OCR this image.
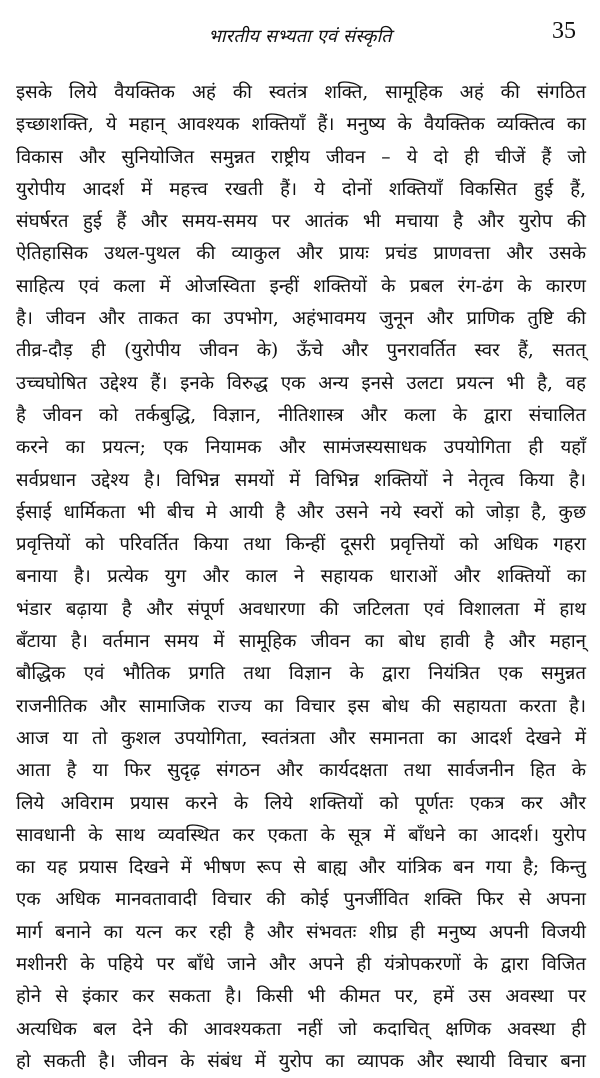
भारतीय सभ्यता एवं संस्कृति	35
इसके लिये वैयक्तिक अहं की स्वतंत्र शक्ति, सामूहिक अहं की संगठित
इच्छाशक्ति, ये महान् आवश्यक शक्तियाँ हैं। मनुष्य के वैयक्तिक व्यक्तित्व का
विकास और सुनियोजित समुन्नत राष्ट्रीय जीवन – ये दो ही चीजें हैं जो
युरोपीय आदर्श में महत्त्व रखती हैं। ये दोनों शक्तियाँ विकसित हुई हैं,
संघर्षरत हुई हैं और समय-समय पर आतंक भी मचाया है और युरोप की
ऐतिहासिक उथल-पुथल की व्याकुल और प्रायः प्रचंड प्राणवत्ता और उसके
साहित्य एवं कला में ओजस्विता इन्हीं शक्तियों के प्रबल रंग-ढंग के कारण
है। जीवन और ताकत का उपभोग, अहंभावमय जुनून और प्राणिक तुष्टि की
तीव्र-दौड़ ही (युरोपीय जीवन के) ऊँचे और पुनरावर्तित स्वर हैं, सतत्
उच्चघोषित उद्देश्य हैं। इनके विरुद्ध एक अन्य इनसे उलटा प्रयत्न भी है, वह
है जीवन को तर्कबुद्धि, विज्ञान, नीतिशास्त्र और कला के द्वारा संचालित
करने का प्रयत्न; एक नियामक और सामंजस्यसाधक उपयोगिता ही यहाँ
सर्वप्रधान उद्देश्य है। विभिन्न समयों में विभिन्न शक्तियों ने नेतृत्व किया है।
ईसाई धार्मिकता भी बीच मे आयी है और उसने नये स्वरों को जोड़ा है, कुछ
प्रवृत्तियों को परिवर्तित किया तथा किन्हीं दूसरी प्रवृत्तियों को अधिक गहरा
बनाया है। प्रत्येक युग और काल ने सहायक धाराओं और शक्तियों का
भंडार बढ़ाया है और संपूर्ण अवधारणा की जटिलता एवं विशालता में हाथ
बँटाया है। वर्तमान समय में सामूहिक जीवन का बोध हावी है और महान्
बौद्धिक एवं भौतिक प्रगति तथा विज्ञान के द्वारा नियंत्रित एक समुन्नत
राजनीतिक और सामाजिक राज्य का विचार इस बोध की सहायता करता है।
आज या तो कुशल उपयोगिता, स्वतंत्रता और समानता का आदर्श देखने में
आता है या फिर सुदृढ़ संगठन और कार्यदक्षता तथा सार्वजनीन हित के
लिये अविराम प्रयास करने के लिये शक्तियों को पूर्णतः एकत्र कर और
सावधानी के साथ व्यवस्थित कर एकता के सूत्र में बाँधने का आदर्श। युरोप
का यह प्रयास दिखने में भीषण रूप से बाह्य और यांत्रिक बन गया है; किन्तु
एक अधिक मानवतावादी विचार की कोई पुनर्जीवित शक्ति फिर से अपना
मार्ग बनाने का यत्न कर रही है और संभवतः शीघ्र ही मनुष्य अपनी विजयी
मशीनरी के पहिये पर बाँधे जाने और अपने ही यंत्रोपकरणों के द्वारा विजित
होने से इंकार कर सकता है। किसी भी कीमत पर, हमें उस अवस्था पर
अत्यधिक बल देने की आवश्यकता नहीं जो कदाचित् क्षणिक अवस्था ही
हो सकती है। जीवन के संबंध में युरोप का व्यापक और स्थायी विचार बना
